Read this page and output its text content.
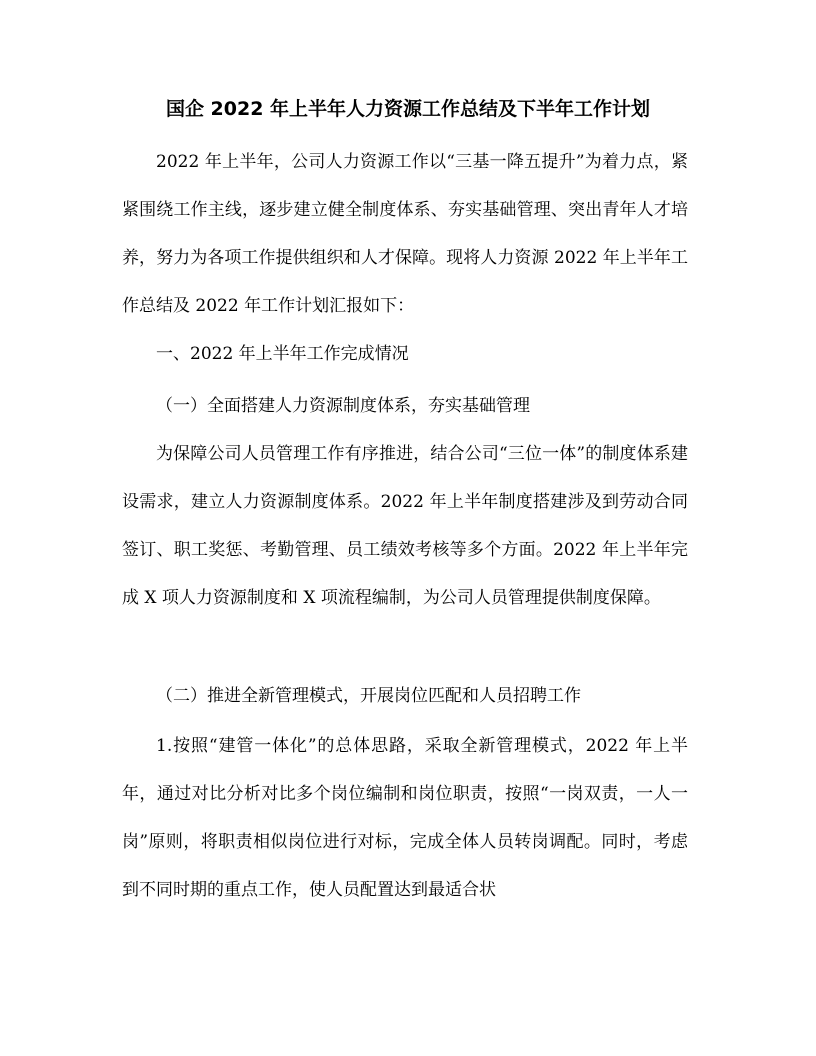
国企 2022 年上半年人力资源工作总结及下半年工作计划

2022 年上半年，公司人力资源工作以“三基一降五提升”为着力点，紧紧围绕工作主线，逐步建立健全制度体系、夯实基础管理、突出青年人才培养，努力为各项工作提供组织和人才保障。现将人力资源 2022 年上半年工作总结及 2022 年工作计划汇报如下：

一、2022 年上半年工作完成情况

（一）全面搭建人力资源制度体系，夯实基础管理

为保障公司人员管理工作有序推进，结合公司“三位一体”的制度体系建设需求，建立人力资源制度体系。2022 年上半年制度搭建涉及到劳动合同签订、职工奖惩、考勤管理、员工绩效考核等多个方面。2022 年上半年完成 X 项人力资源制度和 X 项流程编制，为公司人员管理提供制度保障。

（二）推进全新管理模式，开展岗位匹配和人员招聘工作

1.按照“建管一体化”的总体思路，采取全新管理模式，2022 年上半年，通过对比分析对比多个岗位编制和岗位职责，按照“一岗双责，一人一岗”原则，将职责相似岗位进行对标，完成全体人员转岗调配。同时，考虑到不同时期的重点工作，使人员配置达到最适合状
